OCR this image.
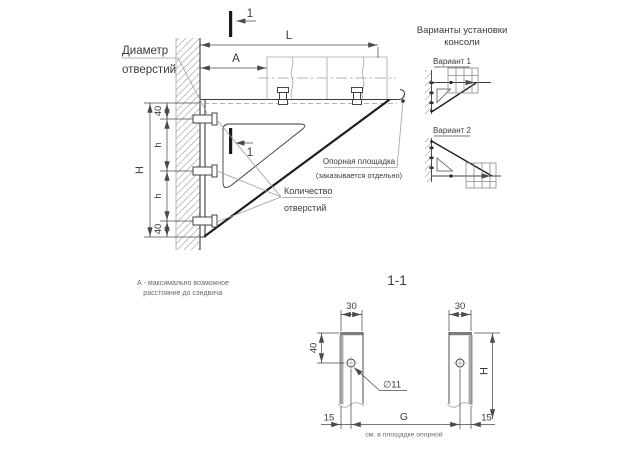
1
1
L
A
40
h
h
40
H
Диаметр
отверстий
Количество
отверстий
Опорная площадка
(заказывается отдельно)
А - максимально возможное
расстояние до сэндвича
Варианты установки
консоли
Вариант 1
Вариант 2
1-1
30	30
40
∅11
H
15	G	15
см. в площадке опорной
